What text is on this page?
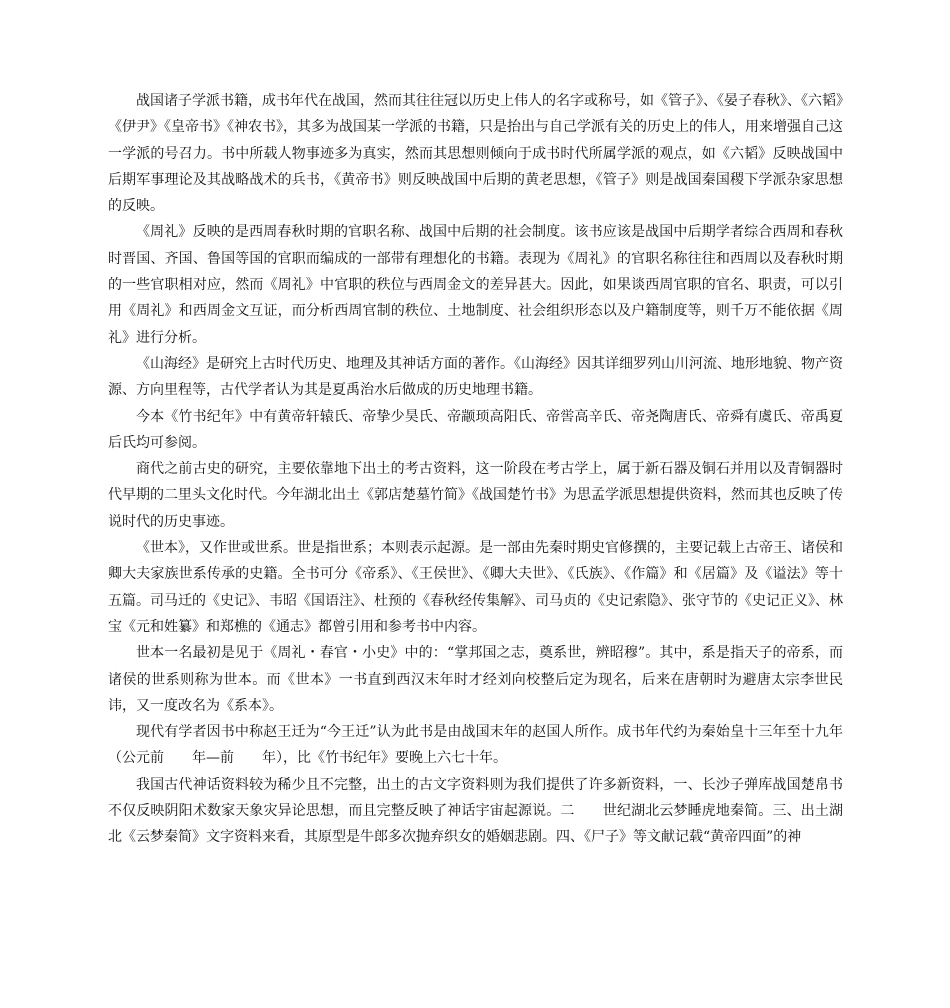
战国诸子学派书籍，成书年代在战国，然而其往往冠以历史上伟人的名字或称号，如《管子》、《晏子春秋》、《六韬》《伊尹》《皇帝书》《神农书》，其多为战国某一学派的书籍，只是抬出与自己学派有关的历史上的伟人，用来增强自己这一学派的号召力。书中所载人物事迹多为真实，然而其思想则倾向于成书时代所属学派的观点，如《六韬》反映战国中后期军事理论及其战略战术的兵书，《黄帝书》则反映战国中后期的黄老思想，《管子》则是战国秦国稷下学派杂家思想的反映。

《周礼》反映的是西周春秋时期的官职名称、战国中后期的社会制度。该书应该是战国中后期学者综合西周和春秋时晋国、齐国、鲁国等国的官职而编成的一部带有理想化的书籍。表现为《周礼》的官职名称往往和西周以及春秋时期的一些官职相对应，然而《周礼》中官职的秩位与西周金文的差异甚大。因此，如果谈西周官职的官名、职责，可以引用《周礼》和西周金文互证，而分析西周官制的秩位、土地制度、社会组织形态以及户籍制度等，则千万不能依据《周礼》进行分析。

《山海经》是研究上古时代历史、地理及其神话方面的著作。《山海经》因其详细罗列山川河流、地形地貌、物产资源、方向里程等，古代学者认为其是夏禹治水后做成的历史地理书籍。

今本《竹书纪年》中有黄帝轩辕氏、帝挚少昊氏、帝颛顼高阳氏、帝喾高辛氏、帝尧陶唐氏、帝舜有虞氏、帝禹夏后氏均可参阅。

商代之前古史的研究，主要依靠地下出土的考古资料，这一阶段在考古学上，属于新石器及铜石并用以及青铜器时代早期的二里头文化时代。今年湖北出土《郭店楚墓竹简》《战国楚竹书》为思孟学派思想提供资料，然而其也反映了传说时代的历史事迹。

《世本》，又作世或世系。世是指世系；本则表示起源。是一部由先秦时期史官修撰的，主要记载上古帝王、诸侯和卿大夫家族世系传承的史籍。全书可分《帝系》、《王侯世》、《卿大夫世》、《氏族》、《作篇》和《居篇》及《谥法》等十五篇。司马迁的《史记》、韦昭《国语注》、杜预的《春秋经传集解》、司马贞的《史记索隐》、张守节的《史记正义》、林宝《元和姓纂》和郑樵的《通志》都曾引用和参考书中内容。

世本一名最初是见于《周礼・春官・小史》中的：“掌邦国之志，奠系世，辨昭穆”。其中，系是指天子的帝系，而诸侯的世系则称为世本。而《世本》一书直到西汉末年时才经刘向校整后定为现名，后来在唐朝时为避唐太宗李世民讳，又一度改名为《系本》。

现代有学者因书中称赵王迁为“今王迁”认为此书是由战国末年的赵国人所作。成书年代约为秦始皇十三年至十九年（公元前　　年—前　　年），比《竹书纪年》要晚上六七十年。

我国古代神话资料较为稀少且不完整，出土的古文字资料则为我们提供了许多新资料，一、长沙子弹库战国楚帛书不仅反映阴阳术数家天象灾异论思想，而且完整反映了神话宇宙起源说。二　　世纪湖北云梦睡虎地秦简。三、出土湖北《云梦秦简》文字资料来看，其原型是牛郎多次抛弃织女的婚姻悲剧。四、《尸子》等文献记载“黄帝四面”的神
